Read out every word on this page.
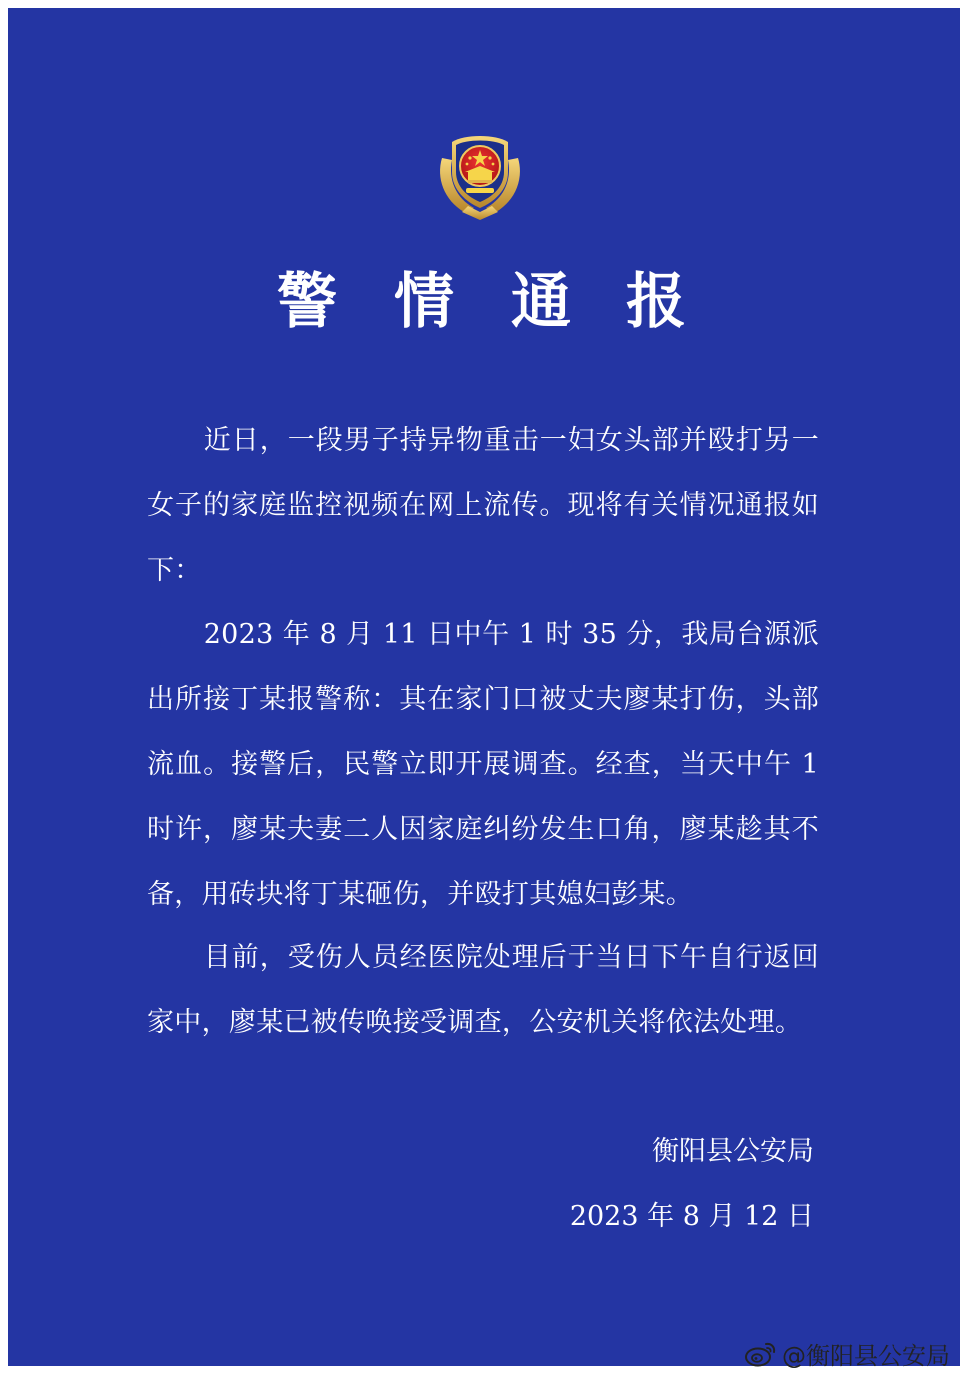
警 情 通 报

近日，一段男子持异物重击一妇女头部并殴打另一女子的家庭监控视频在网上流传。现将有关情况通报如下：

2023 年 8 月 11 日中午 1 时 35 分，我局台源派出所接丁某报警称：其在家门口被丈夫廖某打伤，头部流血。接警后，民警立即开展调查。经查，当天中午 1 时许，廖某夫妻二人因家庭纠纷发生口角，廖某趁其不备，用砖块将丁某砸伤，并殴打其媳妇彭某。

目前，受伤人员经医院处理后于当日下午自行返回家中，廖某已被传唤接受调查，公安机关将依法处理。

衡阳县公安局

2023 年 8 月 12 日

@衡阳县公安局
